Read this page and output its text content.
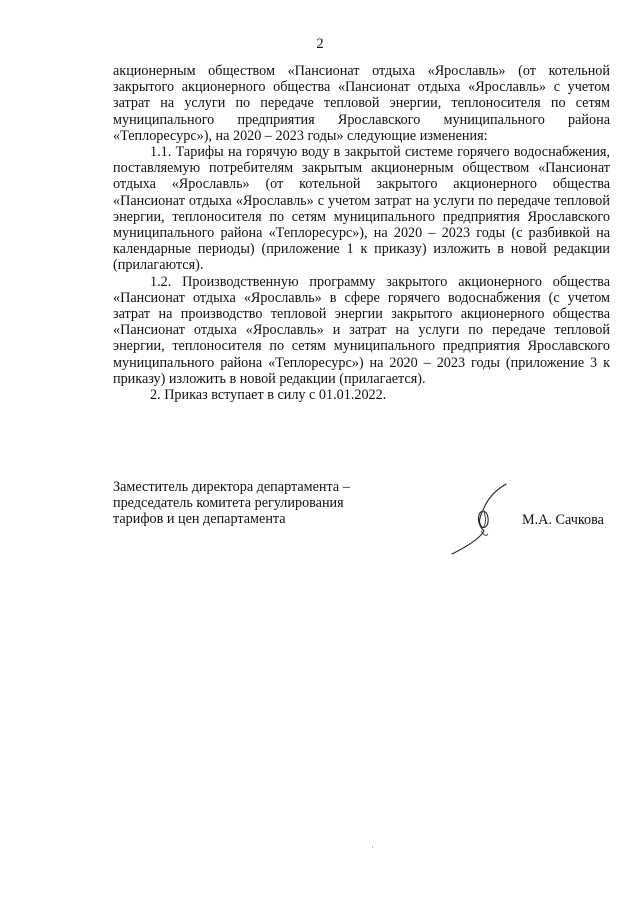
2

акционерным обществом «Пансионат отдыха «Ярославль» (от котельной закрытого акционерного общества «Пансионат отдыха «Ярославль» с учетом затрат на услуги по передаче тепловой энергии, теплоносителя по сетям муниципального предприятия Ярославского муниципального района «Теплоресурс»), на 2020 – 2023 годы» следующие изменения:

1.1. Тарифы на горячую воду в закрытой системе горячего водоснабжения, поставляемую потребителям закрытым акционерным обществом «Пансионат отдыха «Ярославль» (от котельной закрытого акционерного общества «Пансионат отдыха «Ярославль» с учетом затрат на услуги по передаче тепловой энергии, теплоносителя по сетям муниципального предприятия Ярославского муниципального района «Теплоресурс»), на 2020 – 2023 годы (с разбивкой на календарные периоды) (приложение 1 к приказу) изложить в новой редакции (прилагаются).

1.2. Производственную программу закрытого акционерного общества «Пансионат отдыха «Ярославль» в сфере горячего водоснабжения (с учетом затрат на производство тепловой энергии закрытого акционерного общества «Пансионат отдыха «Ярославль» и затрат на услуги по передаче тепловой энергии, теплоносителя по сетям муниципального предприятия Ярославского муниципального района «Теплоресурс») на 2020 – 2023 годы (приложение 3 к приказу) изложить в новой редакции (прилагается).

2. Приказ вступает в силу с 01.01.2022.

Заместитель директора департамента –
председатель комитета регулирования
тарифов и цен департамента	М.А. Сачкова
